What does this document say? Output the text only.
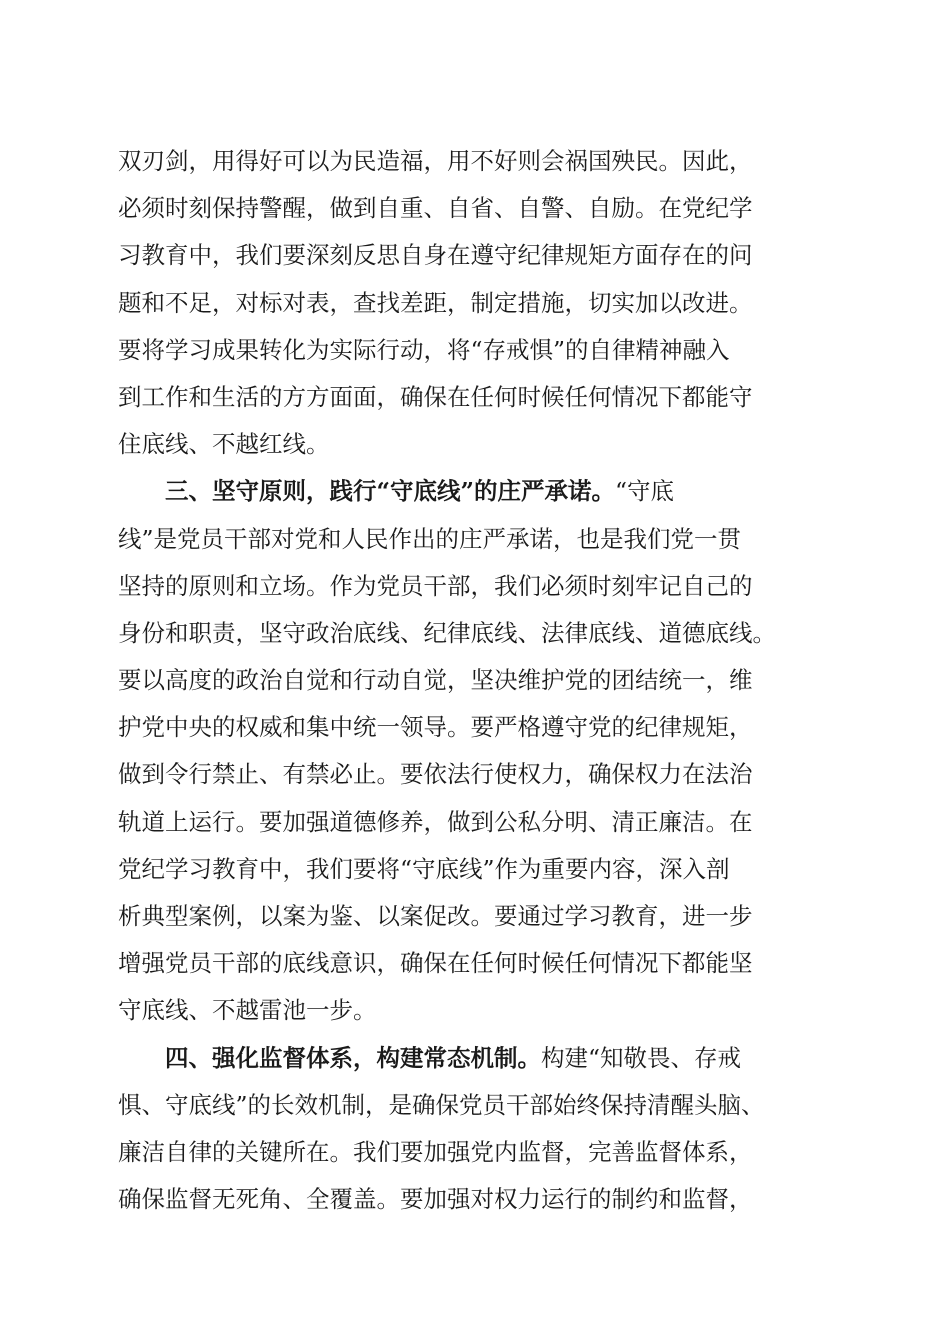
双刃剑，用得好可以为民造福，用不好则会祸国殃民。因此，
必须时刻保持警醒，做到自重、自省、自警、自励。在党纪学
习教育中，我们要深刻反思自身在遵守纪律规矩方面存在的问
题和不足，对标对表，查找差距，制定措施，切实加以改进。
要将学习成果转化为实际行动，将“存戒惧”的自律精神融入
到工作和生活的方方面面，确保在任何时候任何情况下都能守
住底线、不越红线。
三、坚守原则，践行“守底线”的庄严承诺。“守底
线”是党员干部对党和人民作出的庄严承诺，也是我们党一贯
坚持的原则和立场。作为党员干部，我们必须时刻牢记自己的
身份和职责，坚守政治底线、纪律底线、法律底线、道德底线。
要以高度的政治自觉和行动自觉，坚决维护党的团结统一，维
护党中央的权威和集中统一领导。要严格遵守党的纪律规矩，
做到令行禁止、有禁必止。要依法行使权力，确保权力在法治
轨道上运行。要加强道德修养，做到公私分明、清正廉洁。在
党纪学习教育中，我们要将“守底线”作为重要内容，深入剖
析典型案例，以案为鉴、以案促改。要通过学习教育，进一步
增强党员干部的底线意识，确保在任何时候任何情况下都能坚
守底线、不越雷池一步。
四、强化监督体系，构建常态机制。构建“知敬畏、存戒
惧、守底线”的长效机制，是确保党员干部始终保持清醒头脑、
廉洁自律的关键所在。我们要加强党内监督，完善监督体系，
确保监督无死角、全覆盖。要加强对权力运行的制约和监督，
